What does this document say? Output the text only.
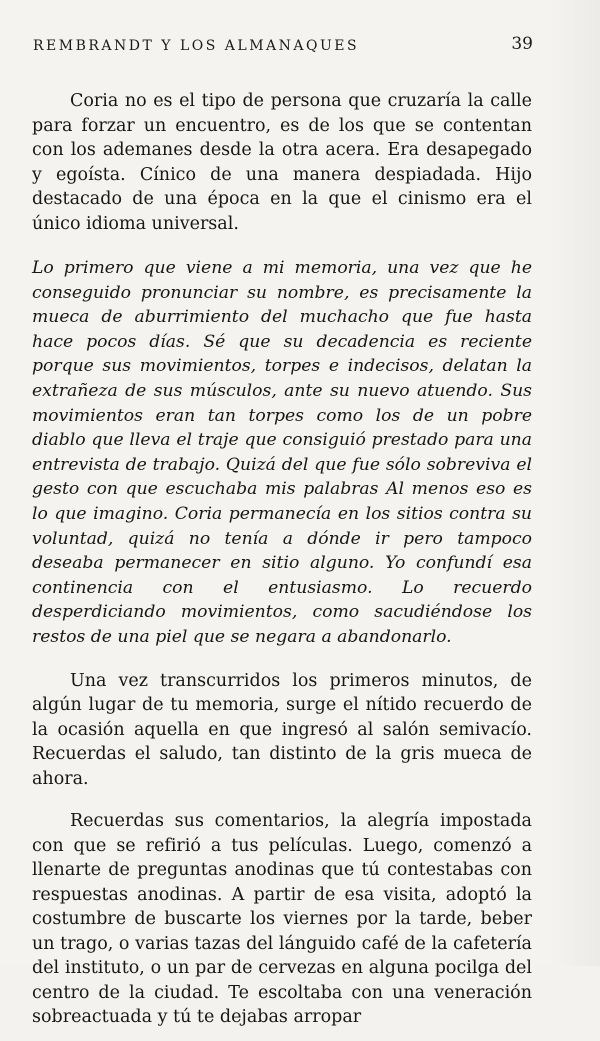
REMBRANDT Y LOS ALMANAQUES	39

Coria no es el tipo de persona que cruzaría la calle para forzar un encuentro, es de los que se contentan con los ademanes desde la otra acera. Era desapegado y egoísta. Cínico de una manera despiadada. Hijo destacado de una época en la que el cinismo era el único idioma universal.

Lo primero que viene a mi memoria, una vez que he conseguido pronunciar su nombre, es precisamente la mueca de aburrimiento del muchacho que fue hasta hace pocos días. Sé que su decadencia es reciente porque sus movimientos, torpes e indecisos, delatan la extrañeza de sus músculos, ante su nuevo atuendo. Sus movimientos eran tan torpes como los de un pobre diablo que lleva el traje que consiguió prestado para una entrevista de trabajo. Quizá del que fue sólo sobreviva el gesto con que escuchaba mis palabras Al menos eso es lo que imagino. Coria permanecía en los sitios contra su voluntad, quizá no tenía a dónde ir pero tampoco deseaba permanecer en sitio alguno. Yo confundí esa continencia con el entusiasmo. Lo recuerdo desperdiciando movimientos, como sacudiéndose los restos de una piel que se negara a abandonarlo.

Una vez transcurridos los primeros minutos, de algún lugar de tu memoria, surge el nítido recuerdo de la ocasión aquella en que ingresó al salón semivacío. Recuerdas el saludo, tan distinto de la gris mueca de ahora.

Recuerdas sus comentarios, la alegría impostada con que se refirió a tus películas. Luego, comenzó a llenarte de preguntas anodinas que tú contestabas con respuestas anodinas. A partir de esa visita, adoptó la costumbre de buscarte los viernes por la tarde, beber un trago, o varias tazas del lánguido café de la cafetería del instituto, o un par de cervezas en alguna pocilga del centro de la ciudad. Te escoltaba con una veneración sobreactuada y tú te dejabas arropar
